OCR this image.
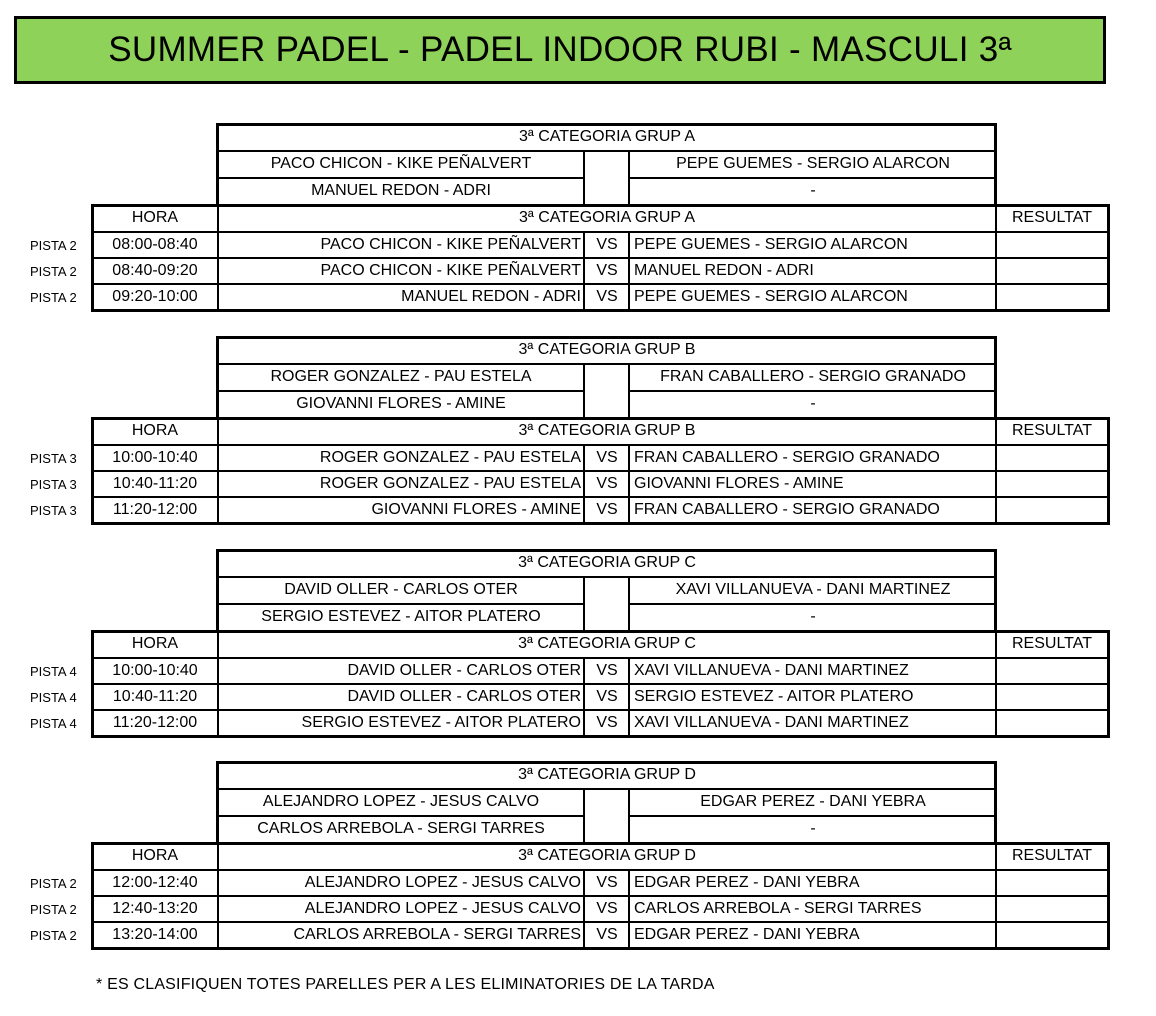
SUMMER PADEL - PADEL INDOOR RUBI - MASCULI 3ª
3ª CATEGORIA GRUP A
PACO CHICON - KIKE PEÑALVERT	PEPE GUEMES - SERGIO ALARCON
MANUEL REDON - ADRI	-
HORA	3ª CATEGORIA GRUP A	RESULTAT
PISTA 2	08:00-08:40	PACO CHICON - KIKE PEÑALVERT VS	PEPE GUEMES - SERGIO ALARCON
PISTA 2	08:40-09:20	PACO CHICON - KIKE PEÑALVERT VS	MANUEL REDON - ADRI
PISTA 2	09:20-10:00	MANUEL REDON - ADRI VS	PEPE GUEMES - SERGIO ALARCON
3ª CATEGORIA GRUP B
ROGER GONZALEZ - PAU ESTELA	FRAN CABALLERO - SERGIO GRANADO
GIOVANNI FLORES - AMINE	-
HORA	3ª CATEGORIA GRUP B	RESULTAT
PISTA 3	10:00-10:40	ROGER GONZALEZ - PAU ESTELA VS	FRAN CABALLERO - SERGIO GRANADO
PISTA 3	10:40-11:20	ROGER GONZALEZ - PAU ESTELA VS	GIOVANNI FLORES - AMINE
PISTA 3	11:20-12:00	GIOVANNI FLORES - AMINE VS	FRAN CABALLERO - SERGIO GRANADO
3ª CATEGORIA GRUP C
DAVID OLLER - CARLOS OTER	XAVI VILLANUEVA - DANI MARTINEZ
SERGIO ESTEVEZ - AITOR PLATERO	-
HORA	3ª CATEGORIA GRUP C	RESULTAT
PISTA 4	10:00-10:40	DAVID OLLER - CARLOS OTER VS	XAVI VILLANUEVA - DANI MARTINEZ
PISTA 4	10:40-11:20	DAVID OLLER - CARLOS OTER VS	SERGIO ESTEVEZ - AITOR PLATERO
PISTA 4	11:20-12:00	SERGIO ESTEVEZ - AITOR PLATERO VS	XAVI VILLANUEVA - DANI MARTINEZ
3ª CATEGORIA GRUP D
ALEJANDRO LOPEZ - JESUS CALVO	EDGAR PEREZ - DANI YEBRA
CARLOS ARREBOLA - SERGI TARRES	-
HORA	3ª CATEGORIA GRUP D	RESULTAT
PISTA 2	12:00-12:40	ALEJANDRO LOPEZ - JESUS CALVO VS	EDGAR PEREZ - DANI YEBRA
PISTA 2	12:40-13:20	ALEJANDRO LOPEZ - JESUS CALVO VS	CARLOS ARREBOLA - SERGI TARRES
PISTA 2	13:20-14:00	CARLOS ARREBOLA - SERGI TARRES VS	EDGAR PEREZ - DANI YEBRA
* ES CLASIFIQUEN TOTES PARELLES PER A LES ELIMINATORIES DE LA TARDA
